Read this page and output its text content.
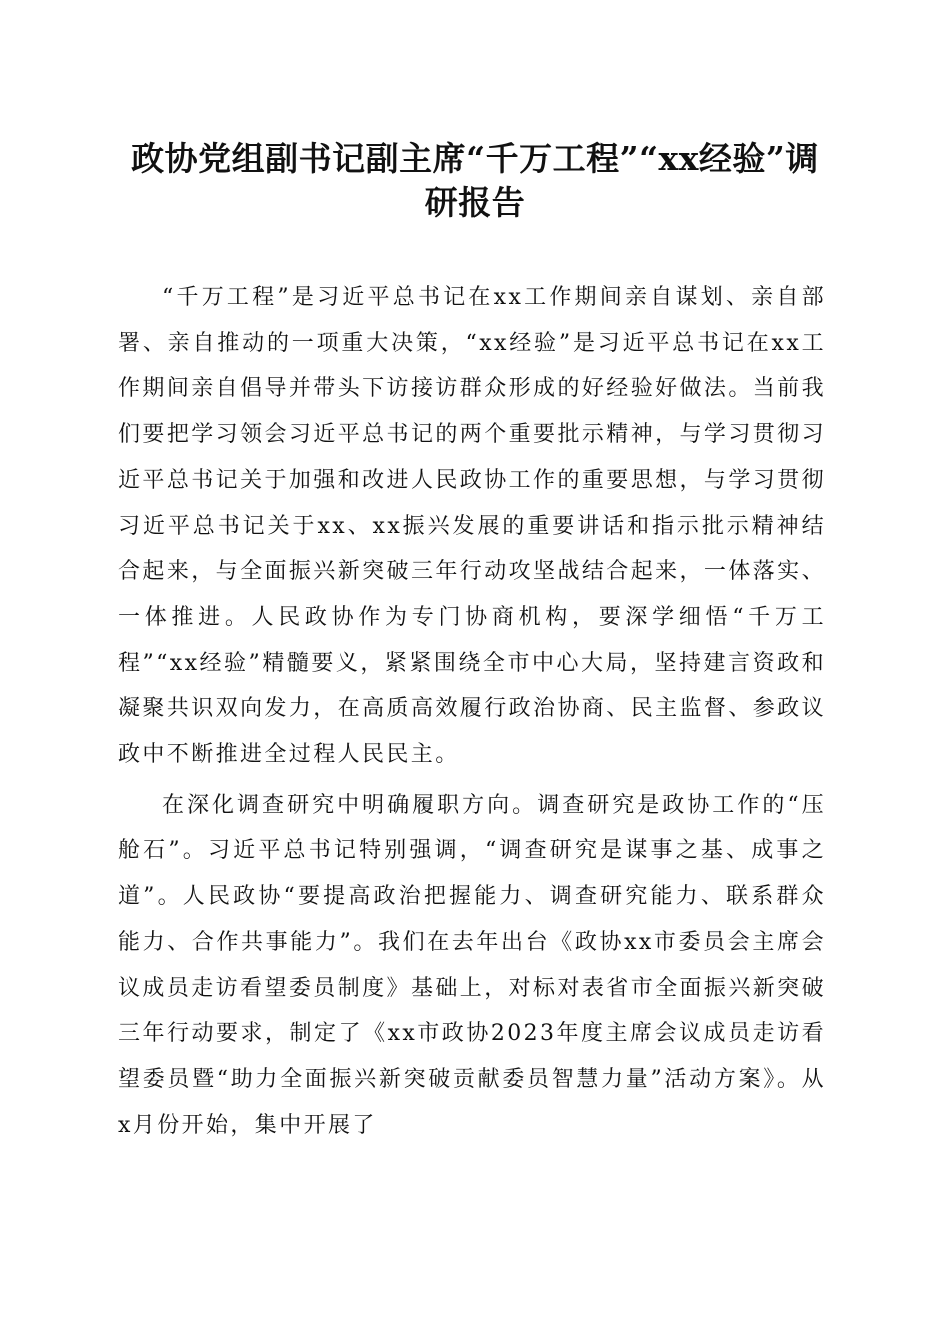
政协党组副书记副主席“千万工程”“xx经验”调研报告

“千万工程”是习近平总书记在xx工作期间亲自谋划、亲自部署、亲自推动的一项重大决策，“xx经验”是习近平总书记在xx工作期间亲自倡导并带头下访接访群众形成的好经验好做法。当前我们要把学习领会习近平总书记的两个重要批示精神，与学习贯彻习近平总书记关于加强和改进人民政协工作的重要思想，与学习贯彻习近平总书记关于xx、xx振兴发展的重要讲话和指示批示精神结合起来，与全面振兴新突破三年行动攻坚战结合起来，一体落实、一体推进。人民政协作为专门协商机构，要深学细悟“千万工程”“xx经验”精髓要义，紧紧围绕全市中心大局，坚持建言资政和凝聚共识双向发力，在高质高效履行政治协商、民主监督、参政议政中不断推进全过程人民民主。

在深化调查研究中明确履职方向。调查研究是政协工作的“压舱石”。习近平总书记特别强调，“调查研究是谋事之基、成事之道”。人民政协“要提高政治把握能力、调查研究能力、联系群众能力、合作共事能力”。我们在去年出台《政协xx市委员会主席会议成员走访看望委员制度》基础上，对标对表省市全面振兴新突破三年行动要求，制定了《xx市政协2023年度主席会议成员走访看望委员暨“助力全面振兴新突破贡献委员智慧力量”活动方案》。从x月份开始，集中开展了
